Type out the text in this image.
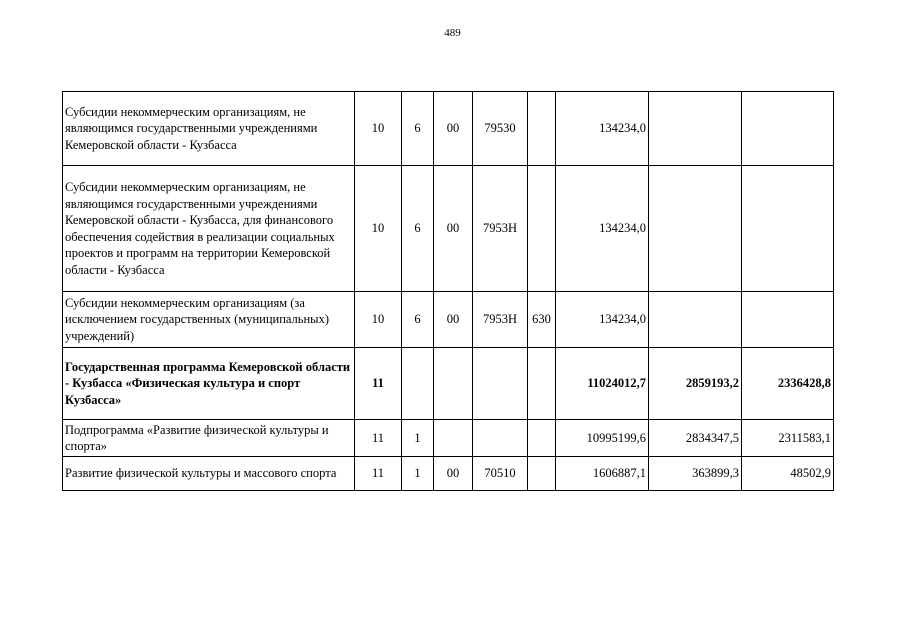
489
Субсидии некоммерческим организациям, не являющимся государственными учреждениями Кемеровской области - Кузбасса	10	6	00	79530		134234,0		
Субсидии некоммерческим организациям, не являющимся государственными учреждениями Кемеровской области - Кузбасса, для финансового обеспечения содействия в реализации социальных проектов и программ на территории Кемеровской области - Кузбасса	10	6	00	7953Н		134234,0		
Субсидии некоммерческим организациям (за исключением государственных (муниципальных) учреждений)	10	6	00	7953Н	630	134234,0		
Государственная программа Кемеровской области - Кузбасса «Физическая культура и спорт Кузбасса»	11					11024012,7	2859193,2	2336428,8
Подпрограмма «Развитие физической культуры и спорта»	11	1				10995199,6	2834347,5	2311583,1
Развитие физической культуры и массового спорта	11	1	00	70510		1606887,1	363899,3	48502,9
